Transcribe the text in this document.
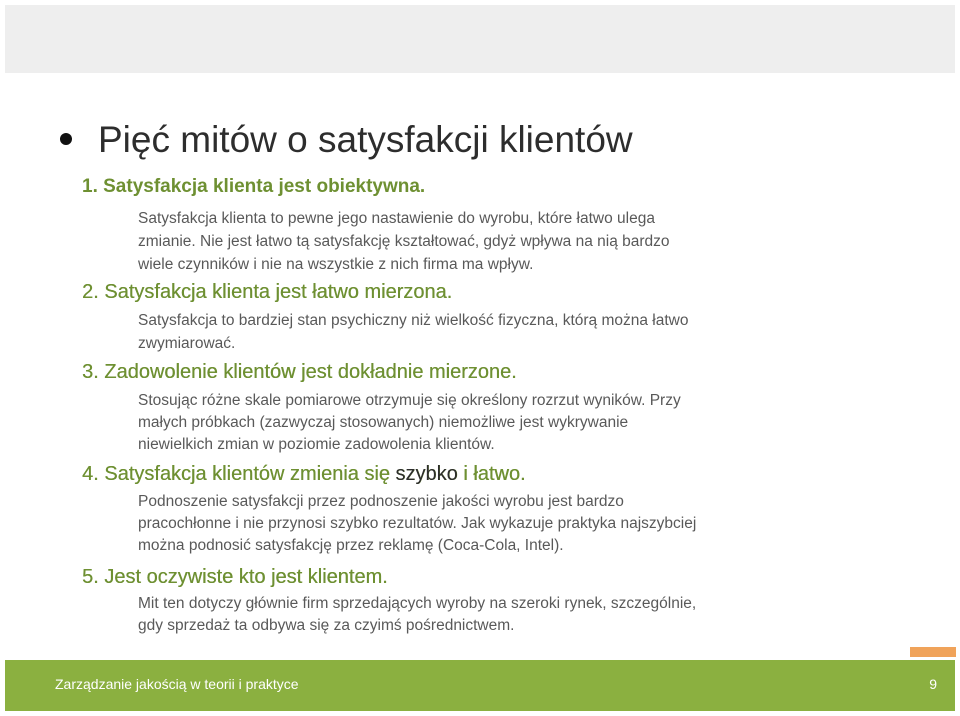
Pięć mitów o satysfakcji klientów
1. Satysfakcja klienta jest obiektywna.
Satysfakcja klienta to pewne jego nastawienie do wyrobu, które łatwo ulega
zmianie. Nie jest łatwo tą satysfakcję kształtować, gdyż wpływa na nią bardzo
wiele czynników i nie na wszystkie z nich firma ma wpływ.
2. Satysfakcja klienta jest łatwo mierzona.
Satysfakcja to bardziej stan psychiczny niż wielkość fizyczna, którą można łatwo
zwymiarować.
3. Zadowolenie klientów jest dokładnie mierzone.
Stosując różne skale pomiarowe otrzymuje się określony rozrzut wyników. Przy
małych próbkach (zazwyczaj stosowanych) niemożliwe jest wykrywanie
niewielkich zmian w poziomie zadowolenia klientów.
4. Satysfakcja klientów zmienia się szybko i łatwo.
Podnoszenie satysfakcji przez podnoszenie jakości wyrobu jest bardzo
pracochłonne i nie przynosi szybko rezultatów. Jak wykazuje praktyka najszybciej
można podnosić satysfakcję przez reklamę (Coca-Cola, Intel).
5. Jest oczywiste kto jest klientem.
Mit ten dotyczy głównie firm sprzedających wyroby na szeroki rynek, szczególnie,
gdy sprzedaż ta odbywa się za czyimś pośrednictwem.
Zarządzanie jakością w teorii i praktyce	9
